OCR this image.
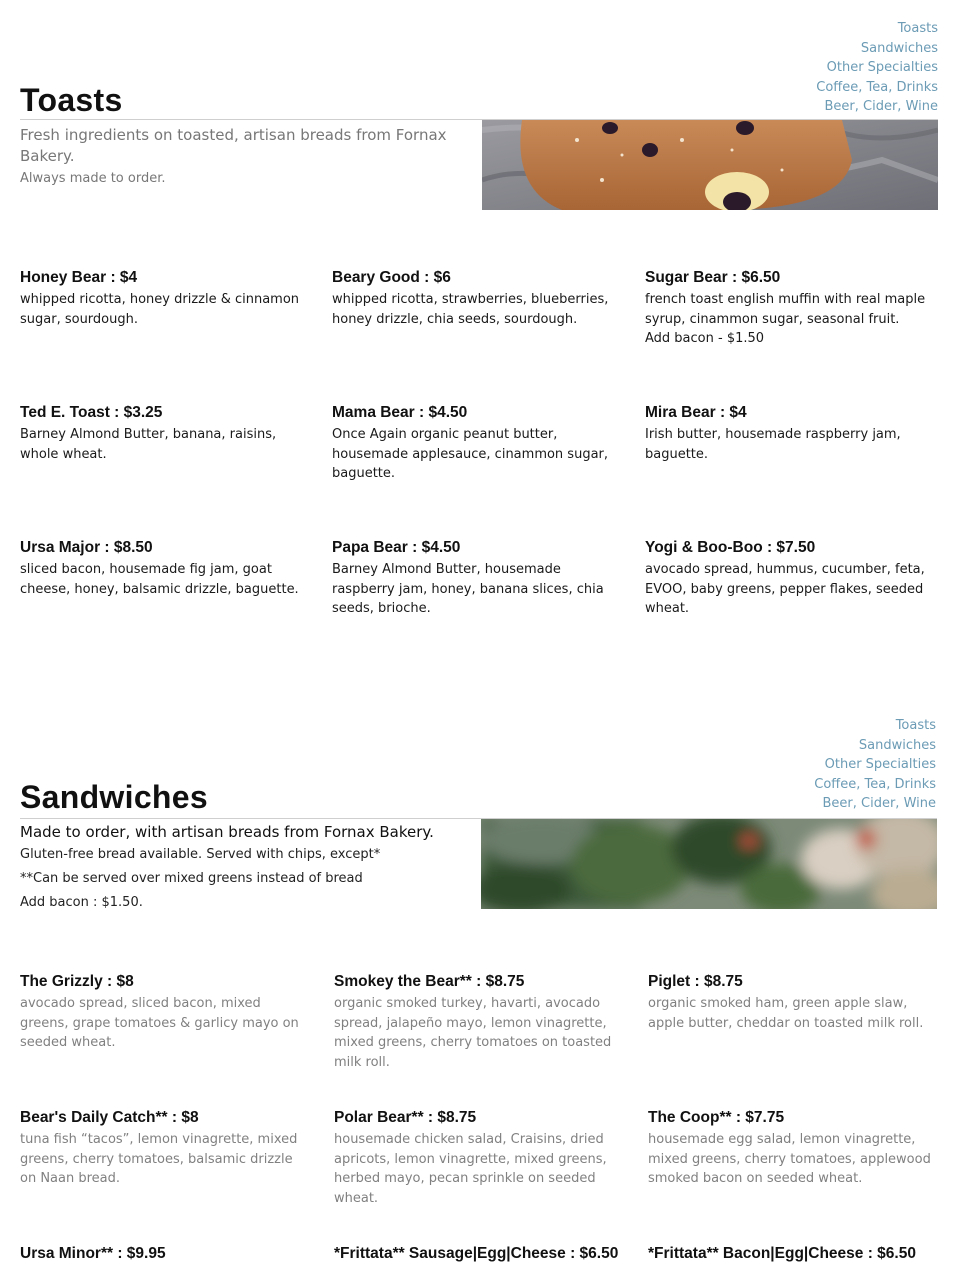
Toasts
Sandwiches
Other Specialties
Coffee, Tea, Drinks
Beer, Cider, Wine
Toasts

Fresh ingredients on toasted, artisan breads from Fornax Bakery.

Always made to order.

Honey Bear : $4
whipped ricotta, honey drizzle & cinnamon sugar, sourdough.
Beary Good : $6
whipped ricotta, strawberries, blueberries, honey drizzle, chia seeds, sourdough.
Sugar Bear : $6.50
french toast english muffin with real maple syrup, cinammon sugar, seasonal fruit.
Add bacon - $1.50
Ted E. Toast : $3.25
Barney Almond Butter, banana, raisins, whole wheat.
Mama Bear : $4.50
Once Again organic peanut butter, housemade applesauce, cinammon sugar, baguette.
Mira Bear : $4
Irish butter, housemade raspberry jam, baguette.
Ursa Major : $8.50
sliced bacon, housemade fig jam, goat cheese, honey, balsamic drizzle, baguette.
Papa Bear : $4.50
Barney Almond Butter, housemade raspberry jam, honey, banana slices, chia seeds, brioche.
Yogi & Boo-Boo : $7.50
avocado spread, hummus, cucumber, feta, EVOO, baby greens, pepper flakes, seeded wheat.
Toasts
Sandwiches
Other Specialties
Coffee, Tea, Drinks
Beer, Cider, Wine
Sandwiches

Made to order, with artisan breads from Fornax Bakery.

Gluten-free bread available. Served with chips, except*

**Can be served over mixed greens instead of bread

Add bacon : $1.50.

The Grizzly : $8
avocado spread, sliced bacon, mixed greens, grape tomatoes & garlicy mayo on seeded wheat.
Smokey the Bear** : $8.75
organic smoked turkey, havarti, avocado spread, jalapeño mayo, lemon vinagrette, mixed greens, cherry tomatoes on toasted milk roll.
Piglet : $8.75
organic smoked ham, green apple slaw, apple butter, cheddar on toasted milk roll.
Bear's Daily Catch** : $8
tuna fish “tacos”, lemon vinagrette, mixed greens, cherry tomatoes, balsamic drizzle on Naan bread.
Polar Bear** : $8.75
housemade chicken salad, Craisins, dried apricots, lemon vinagrette, mixed greens, herbed mayo, pecan sprinkle on seeded wheat.
The Coop** : $7.75
housemade egg salad, lemon vinagrette, mixed greens, cherry tomatoes, applewood smoked bacon on seeded wheat.
Ursa Minor** : $9.95	*Frittata** Sausage|Egg|Cheese : $6.50	*Frittata** Bacon|Egg|Cheese : $6.50
